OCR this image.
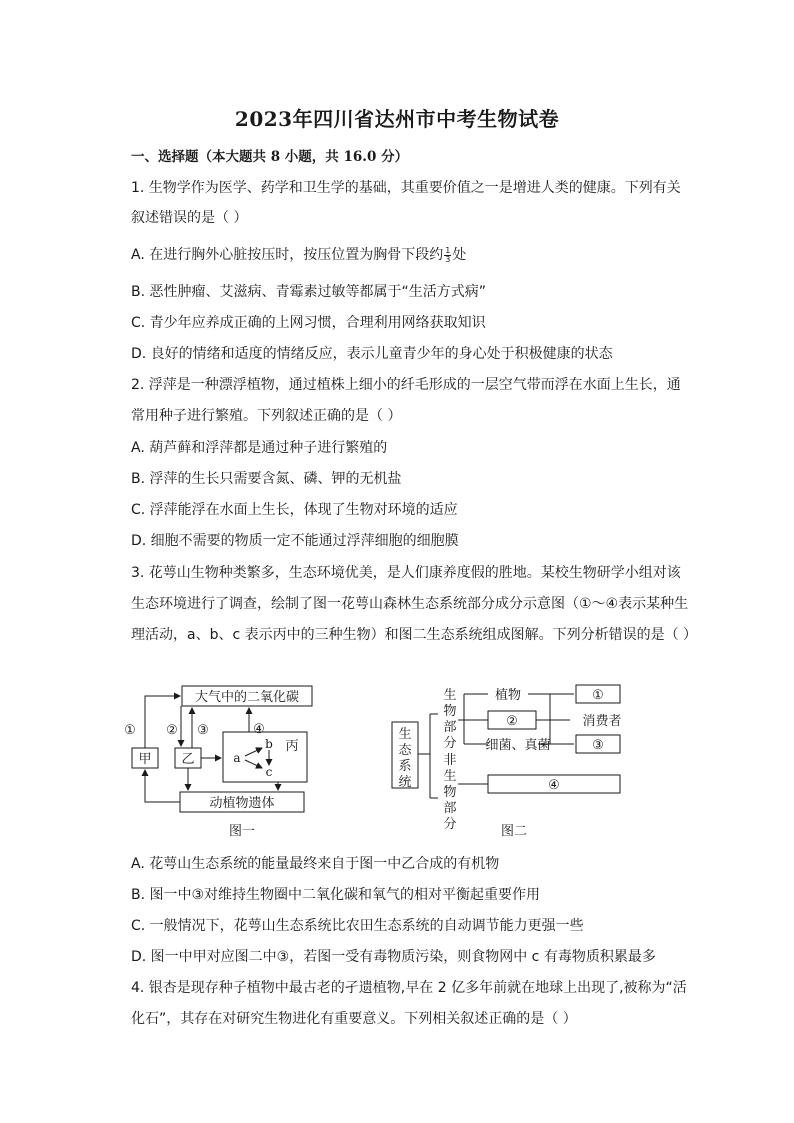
2023年四川省达州市中考生物试卷
一、选择题（本大题共 8 小题，共 16.0 分）
1. 生物学作为医学、药学和卫生学的基础，其重要价值之一是增进人类的健康。下列有关
叙述错误的是（ ）
A. 在进行胸外心脏按压时，按压位置为胸骨下段约 $\frac{1}{3}$ 处
B. 恶性肿瘤、艾滋病、青霉素过敏等都属于“生活方式病”
C. 青少年应养成正确的上网习惯，合理利用网络获取知识
D. 良好的情绪和适度的情绪反应，表示儿童青少年的身心处于积极健康的状态
2. 浮萍是一种漂浮植物，通过植株上细小的纤毛形成的一层空气带而浮在水面上生长，通
常用种子进行繁殖。下列叙述正确的是（ ）
A. 葫芦藓和浮萍都是通过种子进行繁殖的
B. 浮萍的生长只需要含氮、磷、钾的无机盐
C. 浮萍能浮在水面上生长，体现了生物对环境的适应
D. 细胞不需要的物质一定不能通过浮萍细胞的细胞膜
3. 花萼山生物种类繁多，生态环境优美，是人们康养度假的胜地。某校生物研学小组对该
生态环境进行了调查，绘制了图一花萼山森林生态系统部分成分示意图（①～④表示某种生
理活动，a、b、c 表示丙中的三种生物）和图二生态系统组成图解。下列分析错误的是（ ）
大气中的二氧化碳
甲 乙
丙
动植物遗体
① ② ③	④
a
b
c
图一
生
态
系
统
生
物
部
分
非
生
物
部
分
植物	①
②	消费者
细菌、真菌	③
④
图二
A. 花萼山生态系统的能量最终来自于图一中乙合成的有机物
B. 图一中③对维持生物圈中二氧化碳和氧气的相对平衡起重要作用
C. 一般情况下，花萼山生态系统比农田生态系统的自动调节能力更强一些
D. 图一中甲对应图二中③，若图一受有毒物质污染，则食物网中 c 有毒物质积累最多
4. 银杏是现存种子植物中最古老的孑遗植物,早在 2 亿多年前就在地球上出现了,被称为“活
化石”，其存在对研究生物进化有重要意义。下列相关叙述正确的是（ ）
